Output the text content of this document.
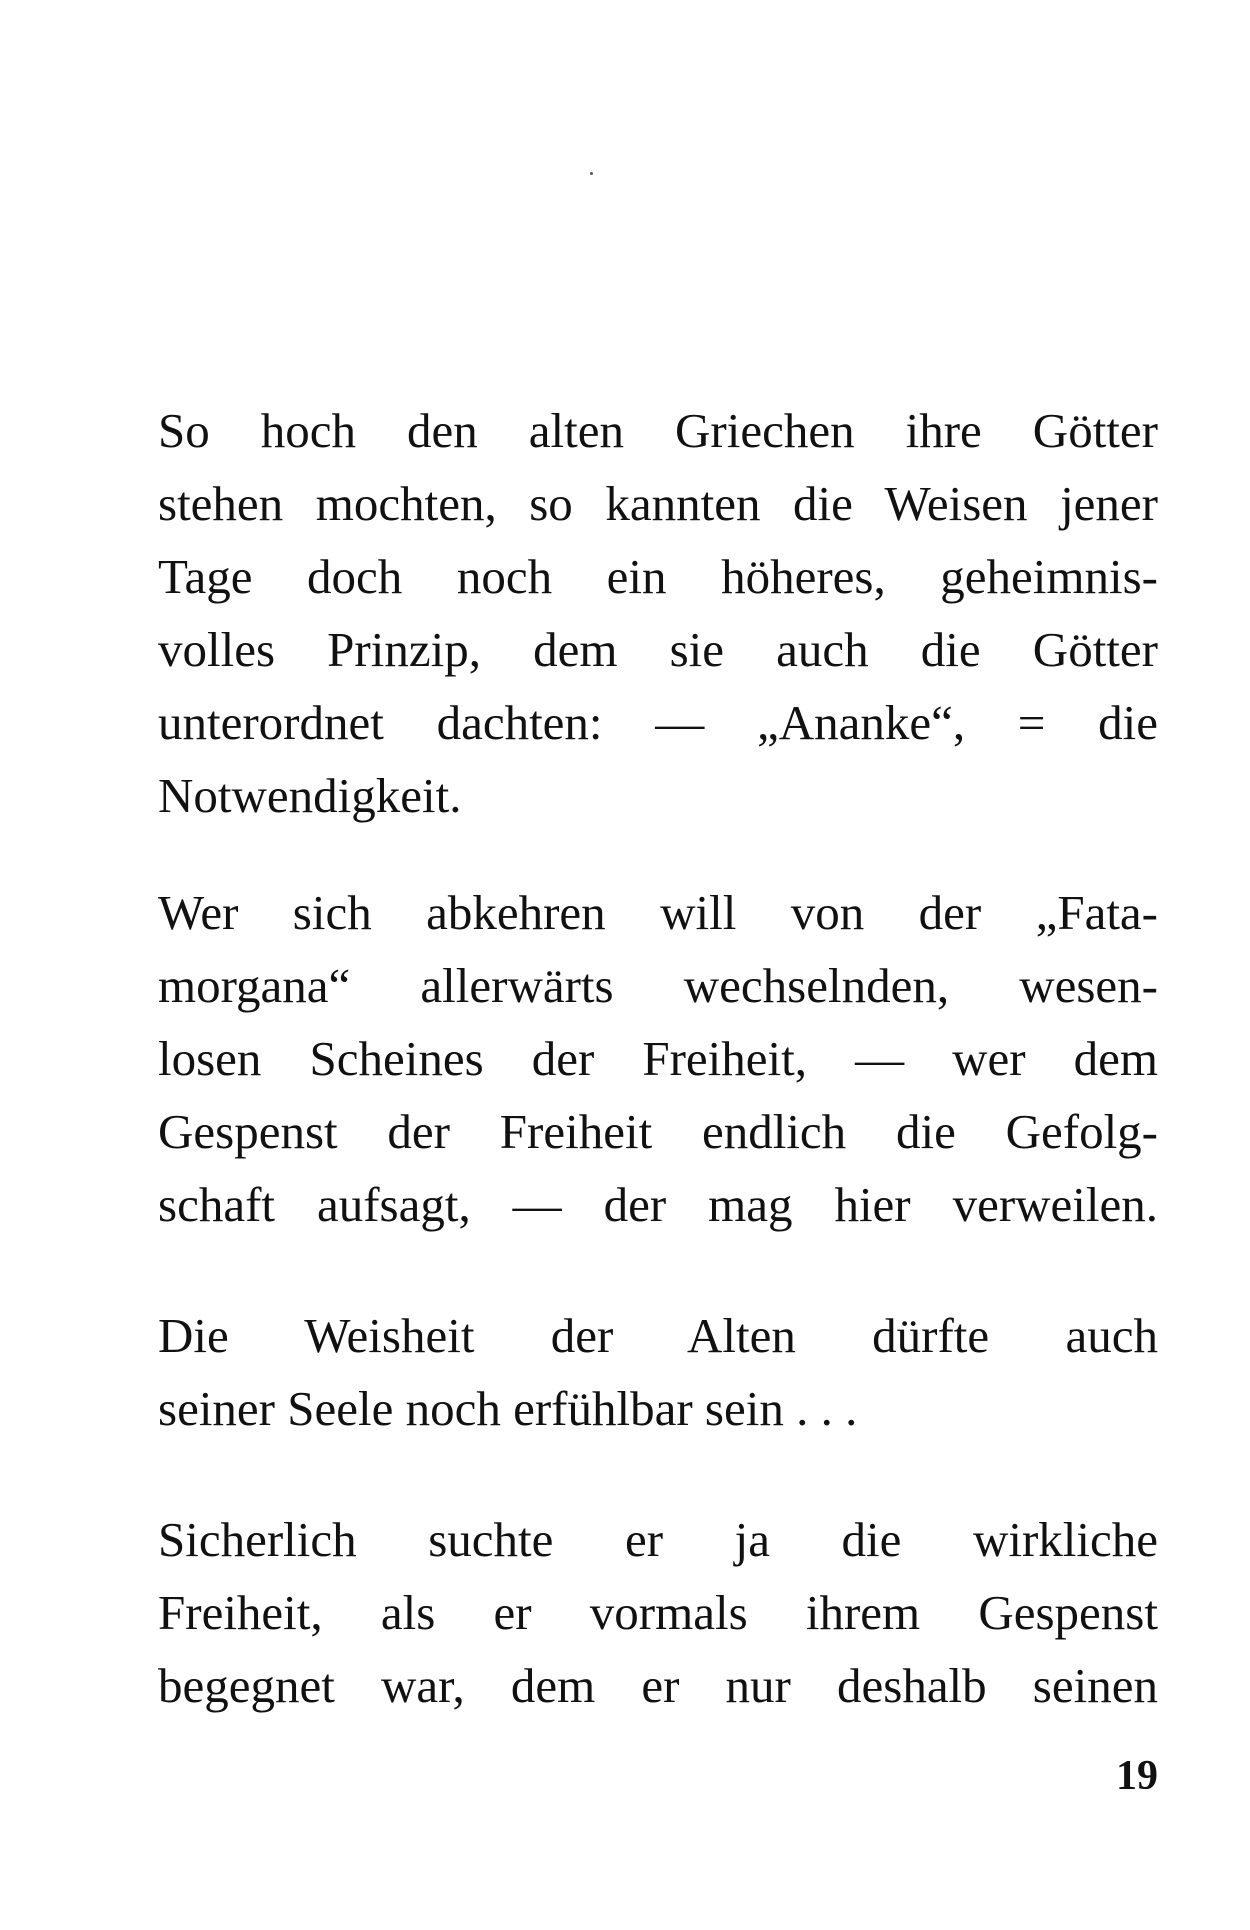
So hoch den alten Griechen ihre Götter
stehen mochten, so kannten die Weisen jener
Tage doch noch ein höheres, geheimnis-
volles Prinzip, dem sie auch die Götter
unterordnet dachten: — „Ananke“, = die
Notwendigkeit.
Wer sich abkehren will von der „Fata-
morgana“ allerwärts wechselnden, wesen-
losen Scheines der Freiheit, — wer dem
Gespenst der Freiheit endlich die Gefolg-
schaft aufsagt, — der mag hier verweilen.
Die Weisheit der Alten dürfte auch
seiner Seele noch erfühlbar sein . . .
Sicherlich suchte er ja die wirkliche
Freiheit, als er vormals ihrem Gespenst
begegnet war, dem er nur deshalb seinen
19
